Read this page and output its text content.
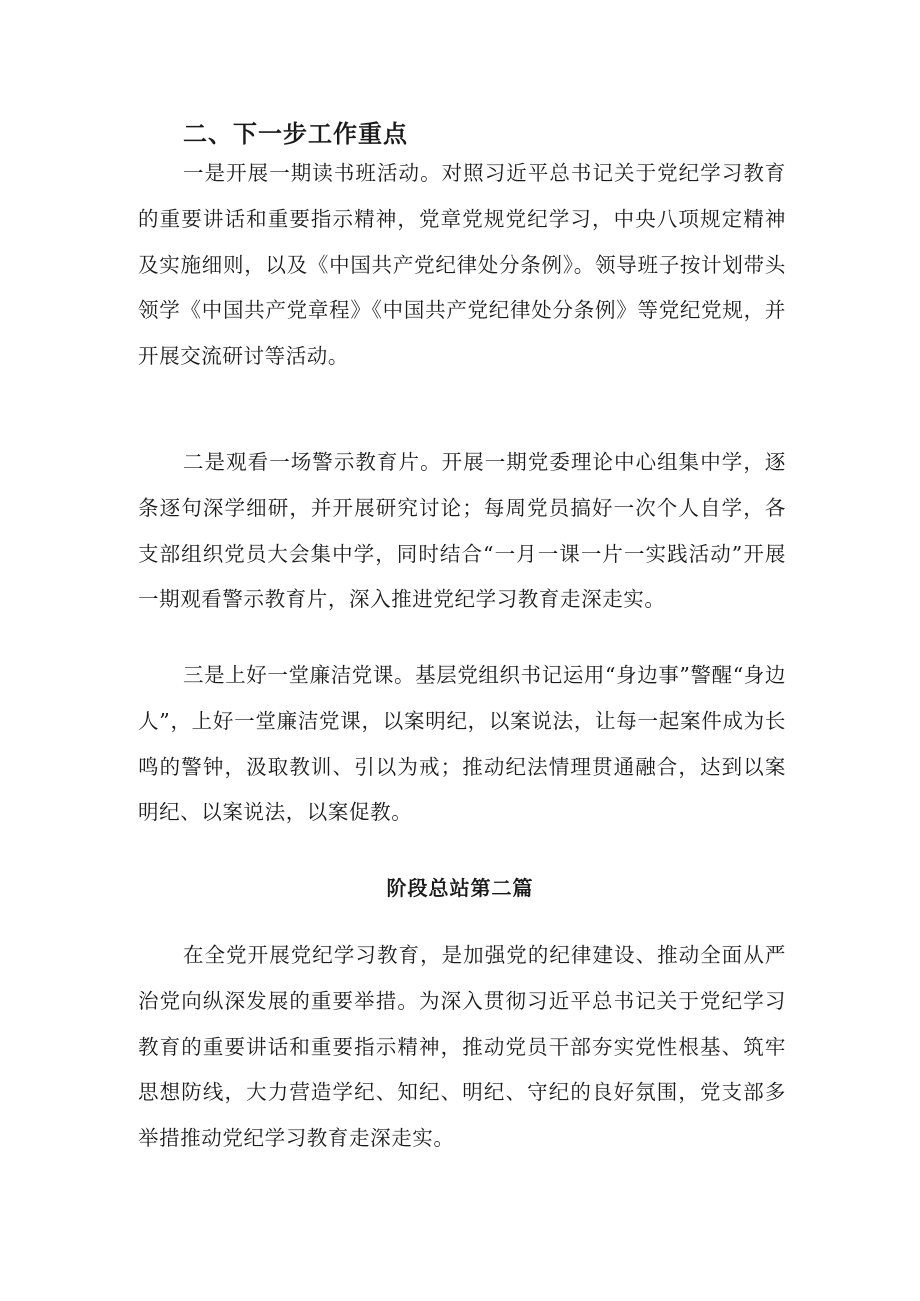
二、下一步工作重点

一是开展一期读书班活动。对照习近平总书记关于党纪学习教育的重要讲话和重要指示精神，党章党规党纪学习，中央八项规定精神及实施细则，以及《中国共产党纪律处分条例》。领导班子按计划带头领学《中国共产党章程》《中国共产党纪律处分条例》等党纪党规，并开展交流研讨等活动。

二是观看一场警示教育片。开展一期党委理论中心组集中学，逐条逐句深学细研，并开展研究讨论；每周党员搞好一次个人自学，各支部组织党员大会集中学，同时结合“一月一课一片一实践活动”开展一期观看警示教育片，深入推进党纪学习教育走深走实。

三是上好一堂廉洁党课。基层党组织书记运用“身边事”警醒“身边人”，上好一堂廉洁党课，以案明纪，以案说法，让每一起案件成为长鸣的警钟，汲取教训、引以为戒；推动纪法情理贯通融合，达到以案明纪、以案说法，以案促教。

阶段总站第二篇

在全党开展党纪学习教育，是加强党的纪律建设、推动全面从严治党向纵深发展的重要举措。为深入贯彻习近平总书记关于党纪学习教育的重要讲话和重要指示精神，推动党员干部夯实党性根基、筑牢思想防线，大力营造学纪、知纪、明纪、守纪的良好氛围，党支部多举措推动党纪学习教育走深走实。
